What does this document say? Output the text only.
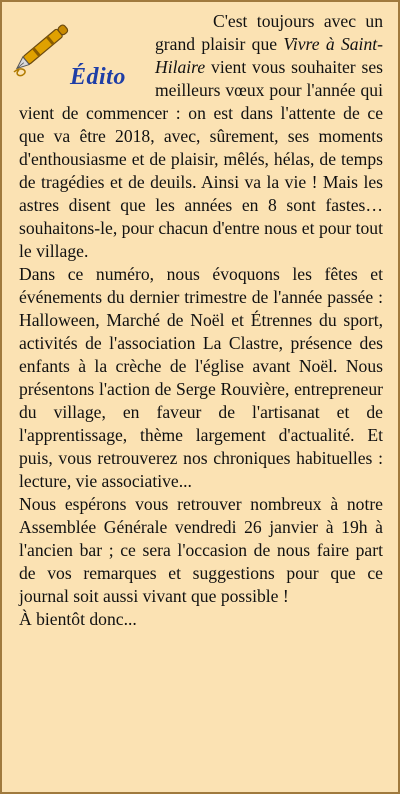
Édito

C'est toujours avec un grand plaisir que Vivre à Saint-Hilaire vient vous souhaiter ses meilleurs vœux pour l'année qui vient de commencer : on est dans l'attente de ce que va être 2018, avec, sûrement, ses moments d'enthousiasme et de plaisir, mêlés, hélas, de temps de tragédies et de deuils. Ainsi va la vie ! Mais les astres disent que les années en 8 sont fastes… souhaitons-le, pour chacun d'entre nous et pour tout le village.

Dans ce numéro, nous évoquons les fêtes et événements du dernier trimestre de l'année passée : Halloween, Marché de Noël et Étrennes du sport, activités de l'association La Clastre, présence des enfants à la crèche de l'église avant Noël. Nous présentons l'action de Serge Rouvière, entrepreneur du village, en faveur de l'artisanat et de l'apprentissage, thème largement d'actualité. Et puis, vous retrouverez nos chroniques habituelles : lecture, vie associative...

Nous espérons vous retrouver nombreux à notre Assemblée Générale vendredi 26 janvier à 19h à l'ancien bar ; ce sera l'occasion de nous faire part de vos remarques et suggestions pour que ce journal soit aussi vivant que possible !

À bientôt donc...
